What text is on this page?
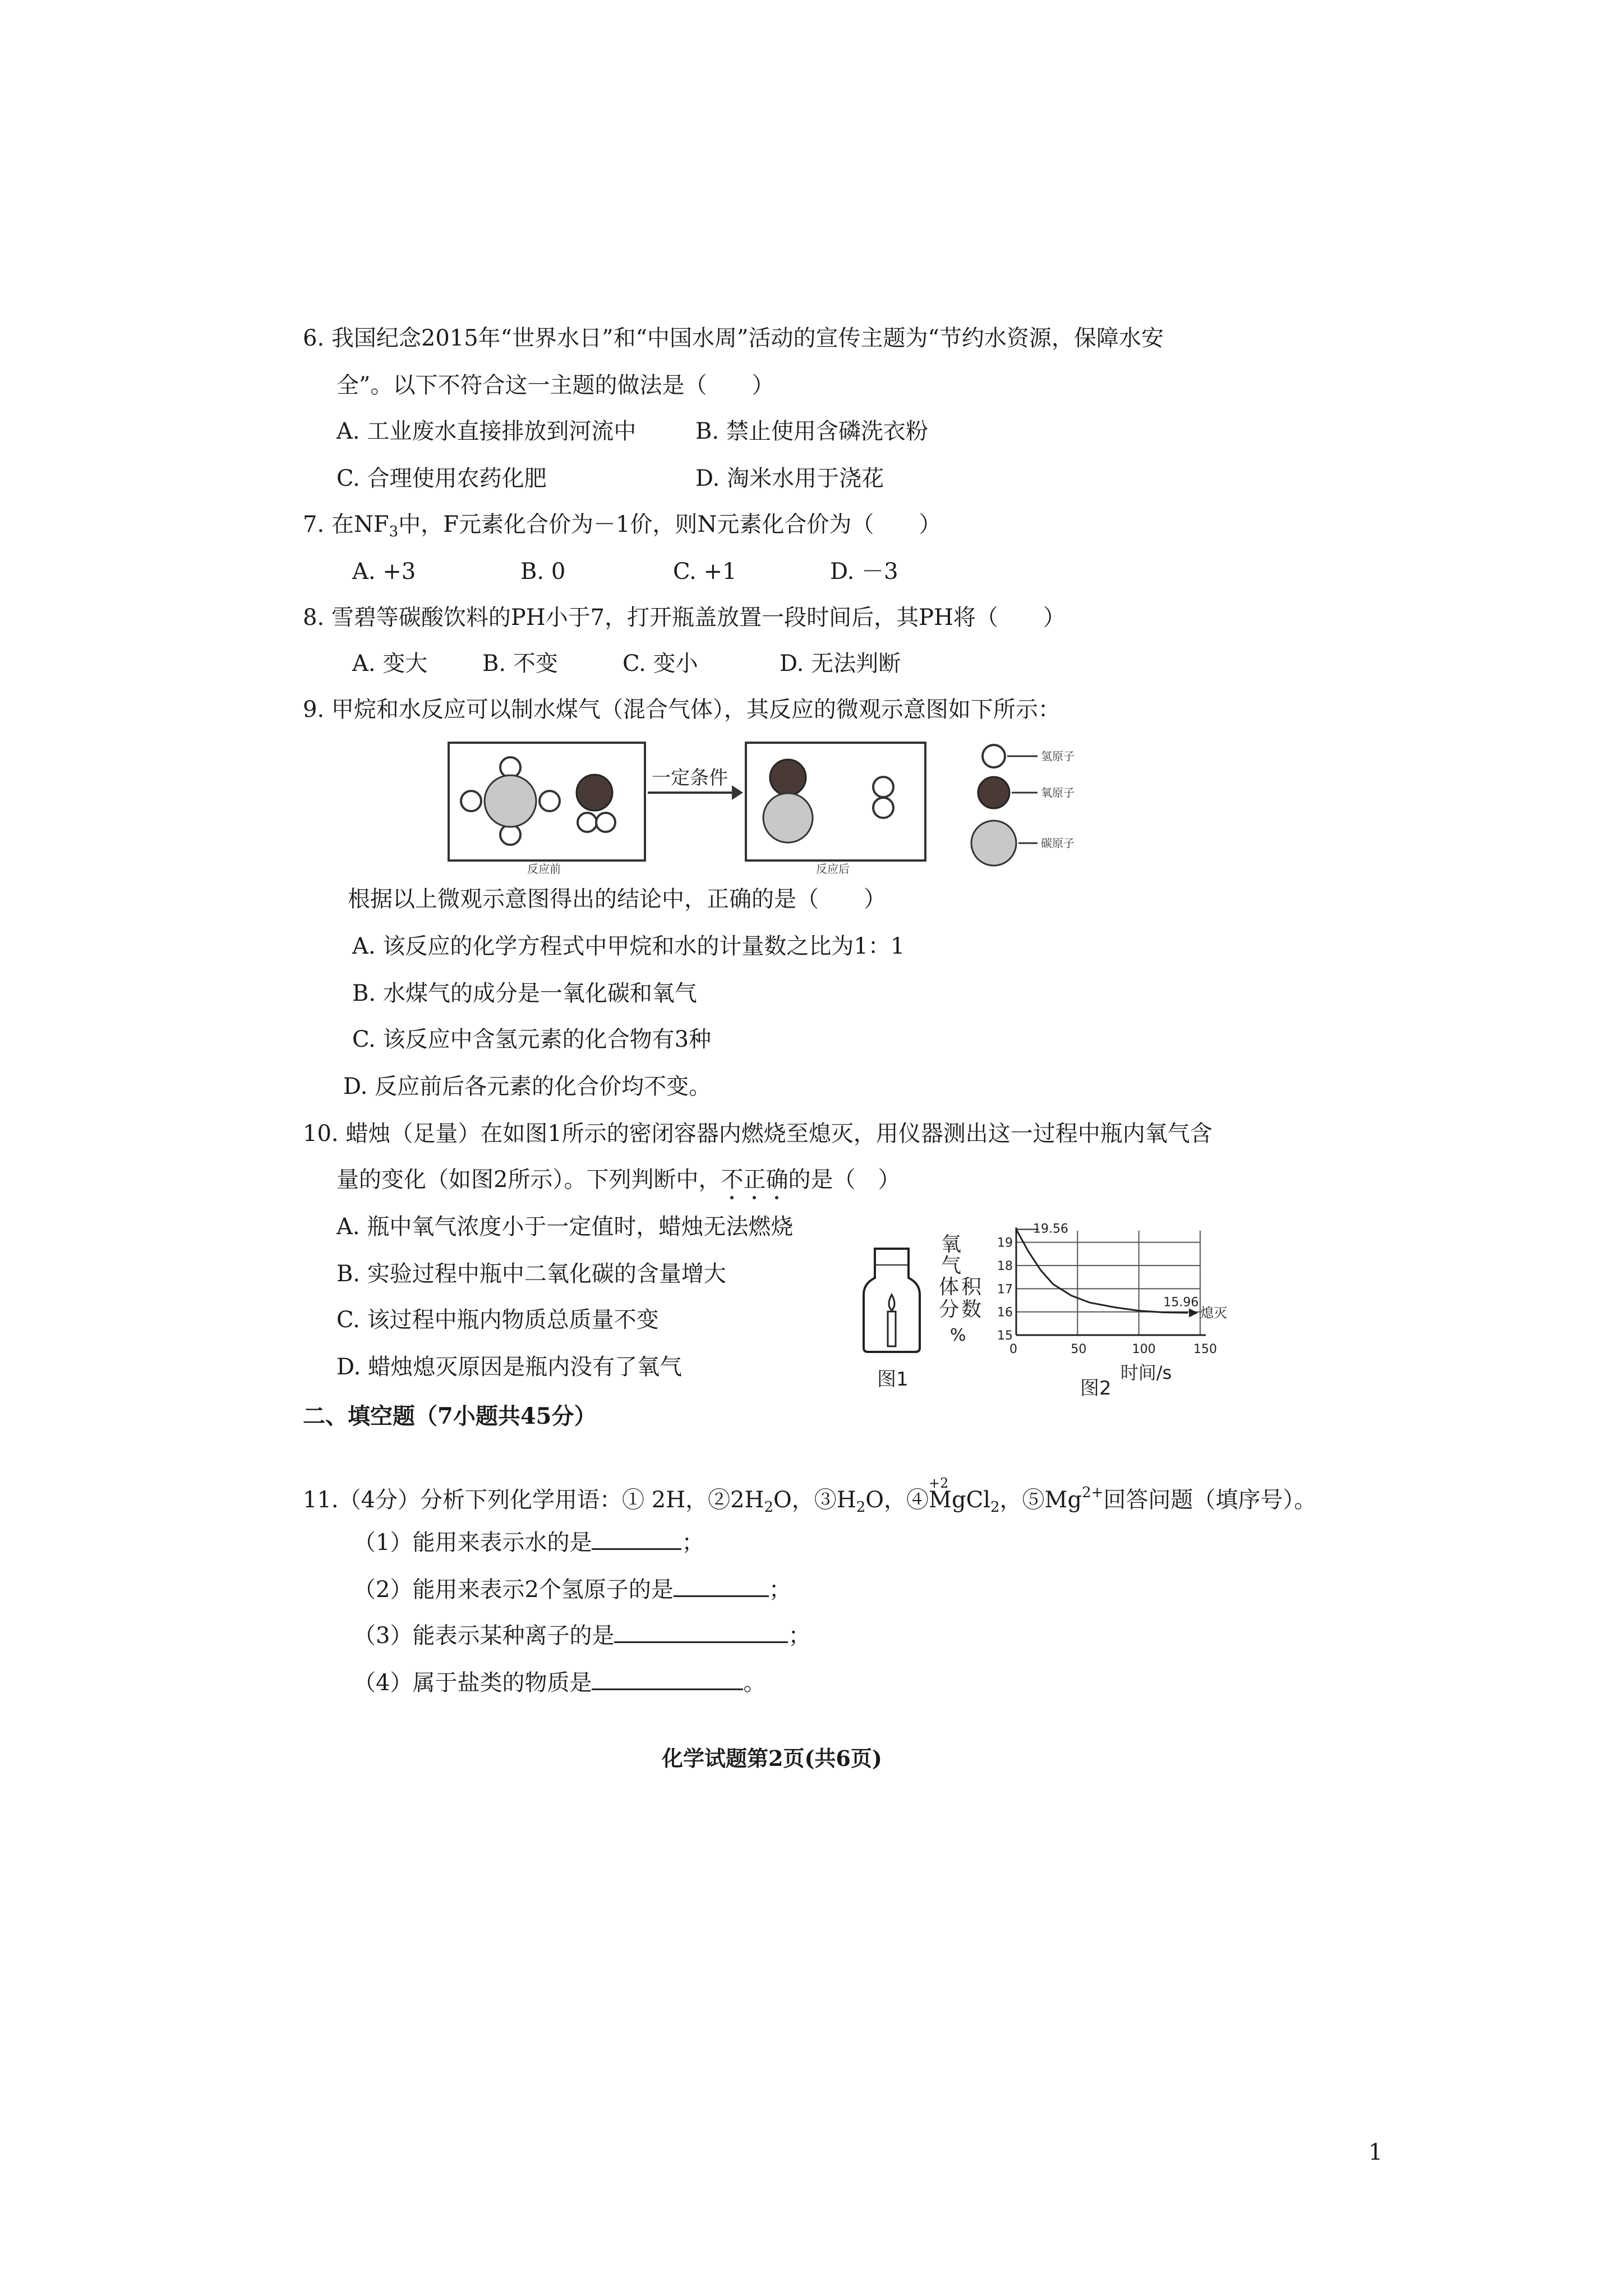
6. 我国纪念2015年“世界水日”和“中国水周”活动的宣传主题为“节约水资源，保障水安
全”。以下不符合这一主题的做法是（　　）
A. 工业废水直接排放到河流中	B. 禁止使用含磷洗衣粉
C. 合理使用农药化肥	D. 淘米水用于浇花
7. 在$NF_3$中，F元素化合价为－1价，则N元素化合价为（　　）
A. +3	B. 0	C. +1	D. －3
8. 雪碧等碳酸饮料的PH小于7，打开瓶盖放置一段时间后，其PH将（　　）
A. 变大 B. 不变	C. 变小	D. 无法判断
9. 甲烷和水反应可以制水煤气（混合气体），其反应的微观示意图如下所示：
反应前
一定条件
反应后
氢原子
氧原子
碳原子
根据以上微观示意图得出的结论中，正确的是（　　）
A. 该反应的化学方程式中甲烷和水的计量数之比为1：1
B. 水煤气的成分是一氧化碳和氧气
C. 该反应中含氢元素的化合物有3种
D. 反应前后各元素的化合价均不变。
10. 蜡烛（足量）在如图1所示的密闭容器内燃烧至熄灭，用仪器测出这一过程中瓶内氧气含
量的变化（如图2所示）。下列判断中，不正确的是（　）
A. 瓶中氧气浓度小于一定值时，蜡烛无法燃烧
B. 实验过程中瓶中二氧化碳的含量增大
C. 该过程中瓶内物质总质量不变
D. 蜡烛熄灭原因是瓶内没有了氧气	图1
氧
气
体 积
分 数
%	15
16
17
18
19
0	50	100	150
19.56
15.96
熄灭
时间/s
图2
二、填空题（7小题共45分）
11.（4分）分析下列化学用语：① 2H，$②2H_2O$，$③H_2O$，④
+2
MgCl$_2$，$⑤Mg^{2+}$回答问题（填序号）。
（1）能用来表示水的是	；
（2）能用来表示2个氢原子的是	；
（3）能表示某种离子的是	；
（4）属于盐类的物质是	。
化学试题第2页(共6页)
1
